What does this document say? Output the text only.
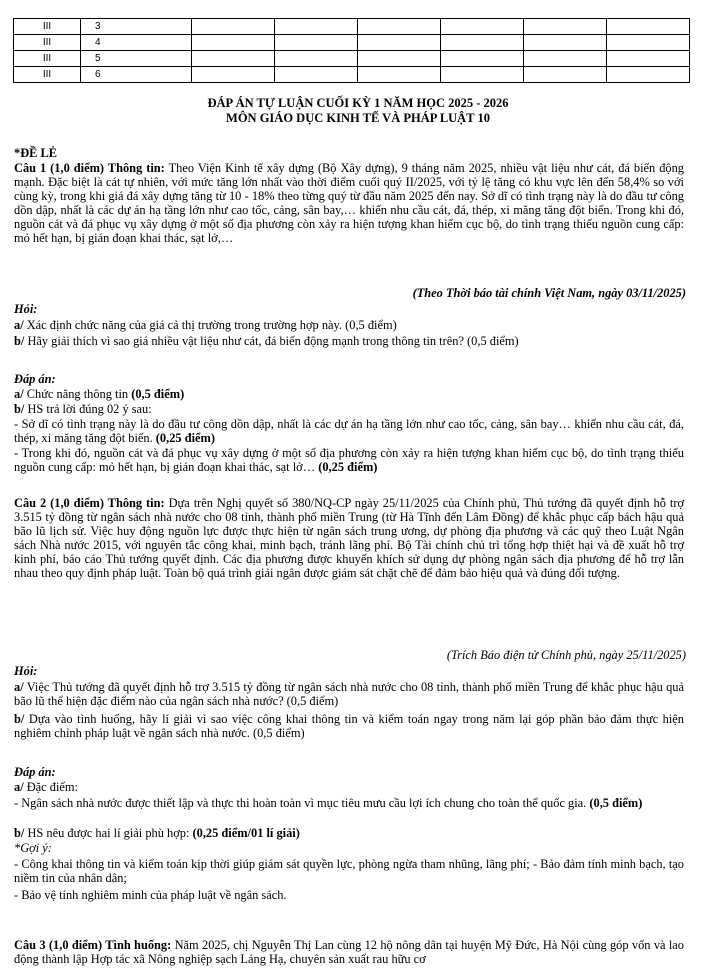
III	3						
III	4						
III	5						
III	6						
ĐÁP ÁN TỰ LUẬN CUỐI KỲ 1 NĂM HỌC 2025 - 2026
MÔN GIÁO DỤC KINH TẾ VÀ PHÁP LUẬT 10
*ĐỀ LẺ
Câu 1 (1,0 điểm) Thông tin: Theo Viện Kinh tế xây dựng (Bộ Xây dựng), 9 tháng năm 2025, nhiều vật liệu như cát, đá biến động mạnh. Đặc biệt là cát tự nhiên, với mức tăng lớn nhất vào thời điểm cuối quý II/2025, với tỷ lệ tăng có khu vực lên đến 58,4% so với cùng kỳ, trong khi giá đá xây dựng tăng từ 10 - 18% theo từng quý từ đầu năm 2025 đến nay. Sở dĩ có tình trạng này là do đầu tư công dồn dập, nhất là các dự án hạ tầng lớn như cao tốc, cảng, sân bay,… khiến nhu cầu cát, đá, thép, xi măng tăng đột biến. Trong khi đó, nguồn cát và đá phục vụ xây dựng ở một số địa phương còn xảy ra hiện tượng khan hiếm cục bộ, do tình trạng thiếu nguồn cung cấp: mỏ hết hạn, bị gián đoạn khai thác, sạt lở,…
(Theo Thời báo tài chính Việt Nam, ngày 03/11/2025)
Hỏi:
a/ Xác định chức năng của giá cả thị trường trong trường hợp này. (0,5 điểm)
b/ Hãy giải thích vì sao giá nhiều vật liệu như cát, đá biến động mạnh trong thông tin trên? (0,5 điểm)
Đáp án:
a/ Chức năng thông tin (0,5 điểm)
b/ HS trả lời đúng 02 ý sau:
- Sở dĩ có tình trạng này là do đầu tư công dồn dập, nhất là các dự án hạ tầng lớn như cao tốc, cảng, sân bay… khiến nhu cầu cát, đá, thép, xi măng tăng đột biến. (0,25 điểm)
- Trong khi đó, nguồn cát và đá phục vụ xây dựng ở một số địa phương còn xảy ra hiện tượng khan hiếm cục bộ, do tình trạng thiếu nguồn cung cấp: mỏ hết hạn, bị gián đoạn khai thác, sạt lở… (0,25 điểm)
Câu 2 (1,0 điểm) Thông tin: Dựa trên Nghị quyết số 380/NQ-CP ngày 25/11/2025 của Chính phủ, Thủ tướng đã quyết định hỗ trợ 3.515 tỷ đồng từ ngân sách nhà nước cho 08 tỉnh, thành phố miền Trung (từ Hà Tĩnh đến Lâm Đồng) để khắc phục cấp bách hậu quả bão lũ lịch sử. Việc huy động nguồn lực được thực hiện từ ngân sách trung ương, dự phòng địa phương và các quỹ theo Luật Ngân sách Nhà nước 2015, với nguyên tắc công khai, minh bạch, tránh lãng phí. Bộ Tài chính chủ trì tổng hợp thiệt hại và đề xuất hỗ trợ kinh phí, báo cáo Thủ tướng quyết định. Các địa phương được khuyến khích sử dụng dự phòng ngân sách địa phương để hỗ trợ lẫn nhau theo quy định pháp luật. Toàn bộ quá trình giải ngân được giám sát chặt chẽ để đảm bảo hiệu quả và đúng đối tượng.
(Trích Báo điện tử Chính phủ, ngày 25/11/2025)
Hỏi:
a/ Việc Thủ tướng đã quyết định hỗ trợ 3.515 tỷ đồng từ ngân sách nhà nước cho 08 tỉnh, thành phố miền Trung để khắc phục hậu quả bão lũ thể hiện đặc điểm nào của ngân sách nhà nước? (0,5 điểm)
b/ Dựa vào tình huống, hãy lí giải vì sao việc công khai thông tin và kiểm toán ngay trong năm lại góp phần bảo đảm thực hiện nghiêm chỉnh pháp luật về ngân sách nhà nước. (0,5 điểm)
Đáp án:
a/ Đặc điểm:
- Ngân sách nhà nước được thiết lập và thực thi hoàn toàn vì mục tiêu mưu cầu lợi ích chung cho toàn thể quốc gia. (0,5 điểm)
b/ HS nêu được hai lí giải phù hợp: (0,25 điểm/01 lí giải)
*Gợi ý:
- Công khai thông tin và kiểm toán kịp thời giúp giám sát quyền lực, phòng ngừa tham nhũng, lãng phí; - Bảo đảm tính minh bạch, tạo niềm tin của nhân dân;
- Bảo vệ tính nghiêm minh của pháp luật về ngân sách.
Câu 3 (1,0 điểm) Tình huống: Năm 2025, chị Nguyễn Thị Lan cùng 12 hộ nông dân tại huyện Mỹ Đức, Hà Nội cùng góp vốn và lao động thành lập Hợp tác xã Nông nghiệp sạch Láng Hạ, chuyên sản xuất rau hữu cơ
